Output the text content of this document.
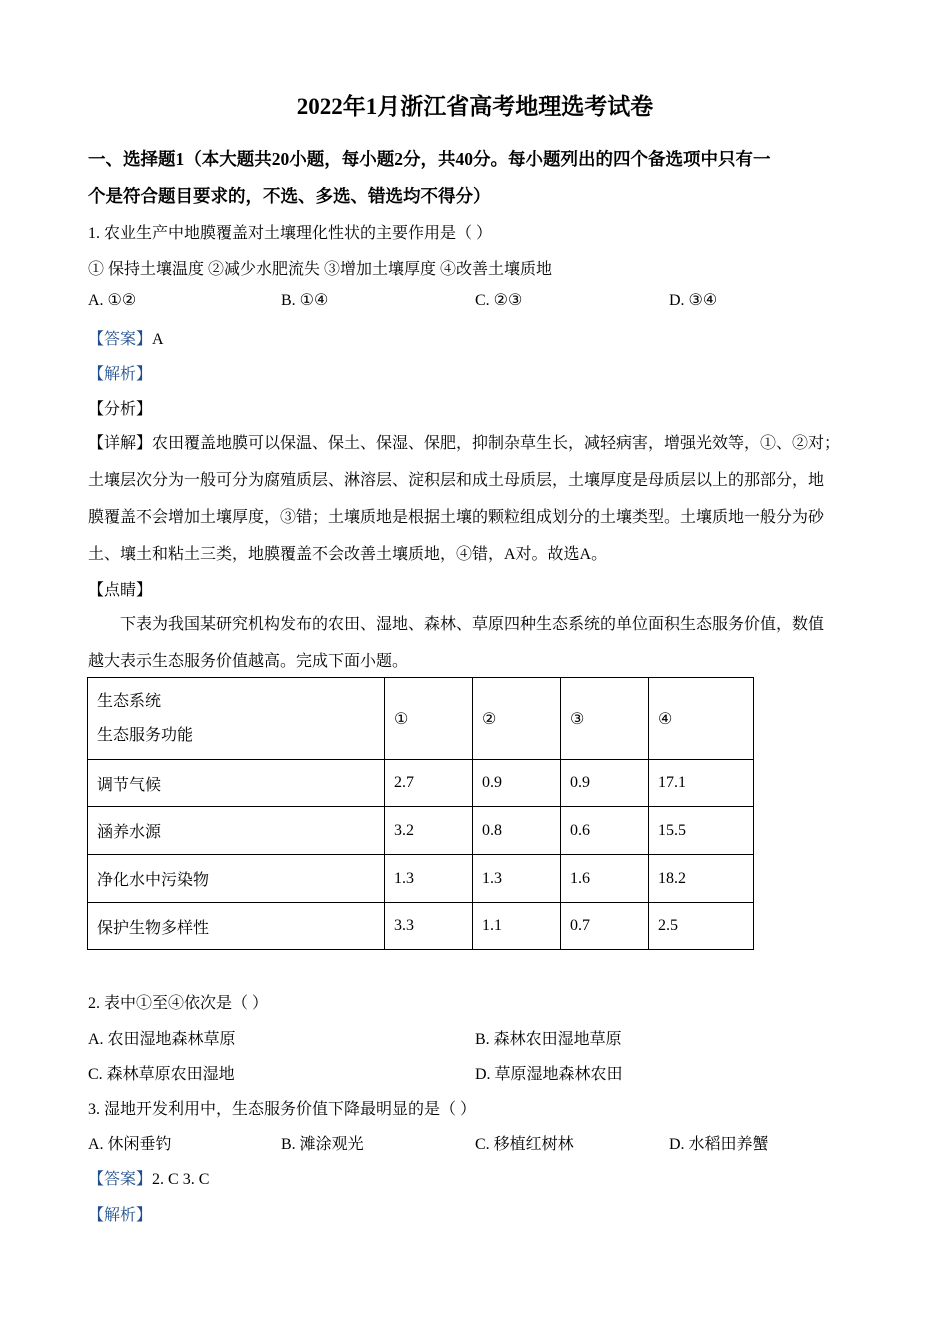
2022年1月浙江省高考地理选考试卷
一、选择题1（本大题共20小题，每小题2分，共40分。每小题列出的四个备选项中只有一
个是符合题目要求的，不选、多选、错选均不得分）
1. 农业生产中地膜覆盖对土壤理化性状的主要作用是（ ）
① 保持土壤温度 ②减少水肥流失 ③增加土壤厚度 ④改善土壤质地
A. ①②	B. ①④	C. ②③	D. ③④
【答案】A
【解析】
【分析】
【详解】农田覆盖地膜可以保温、保土、保湿、保肥，抑制杂草生长，减轻病害，增强光效等，①、②对；
土壤层次分为一般可分为腐殖质层、淋溶层、淀积层和成土母质层，土壤厚度是母质层以上的那部分，地
膜覆盖不会增加土壤厚度，③错；土壤质地是根据土壤的颗粒组成划分的土壤类型。土壤质地一般分为砂
土、壤土和粘土三类，地膜覆盖不会改善土壤质地，④错，A对。故选A。
【点睛】
下表为我国某研究机构发布的农田、湿地、森林、草原四种生态系统的单位面积生态服务价值，数值
越大表示生态服务价值越高。完成下面小题。
生态系统
生态服务功能	①	②	③	④
调节气候	2.7	0.9	0.9	17.1
涵养水源	3.2	0.8	0.6	15.5
净化水中污染物	1.3	1.3	1.6	18.2
保护生物多样性	3.3	1.1	0.7	2.5
2. 表中①至④依次是（ ）
A. 农田湿地森林草原	B. 森林农田湿地草原
C. 森林草原农田湿地	D. 草原湿地森林农田
3. 湿地开发利用中，生态服务价值下降最明显的是（ ）
A. 休闲垂钓	B. 滩涂观光	C. 移植红树林	D. 水稻田养蟹
【答案】2. C 3. C
【解析】
